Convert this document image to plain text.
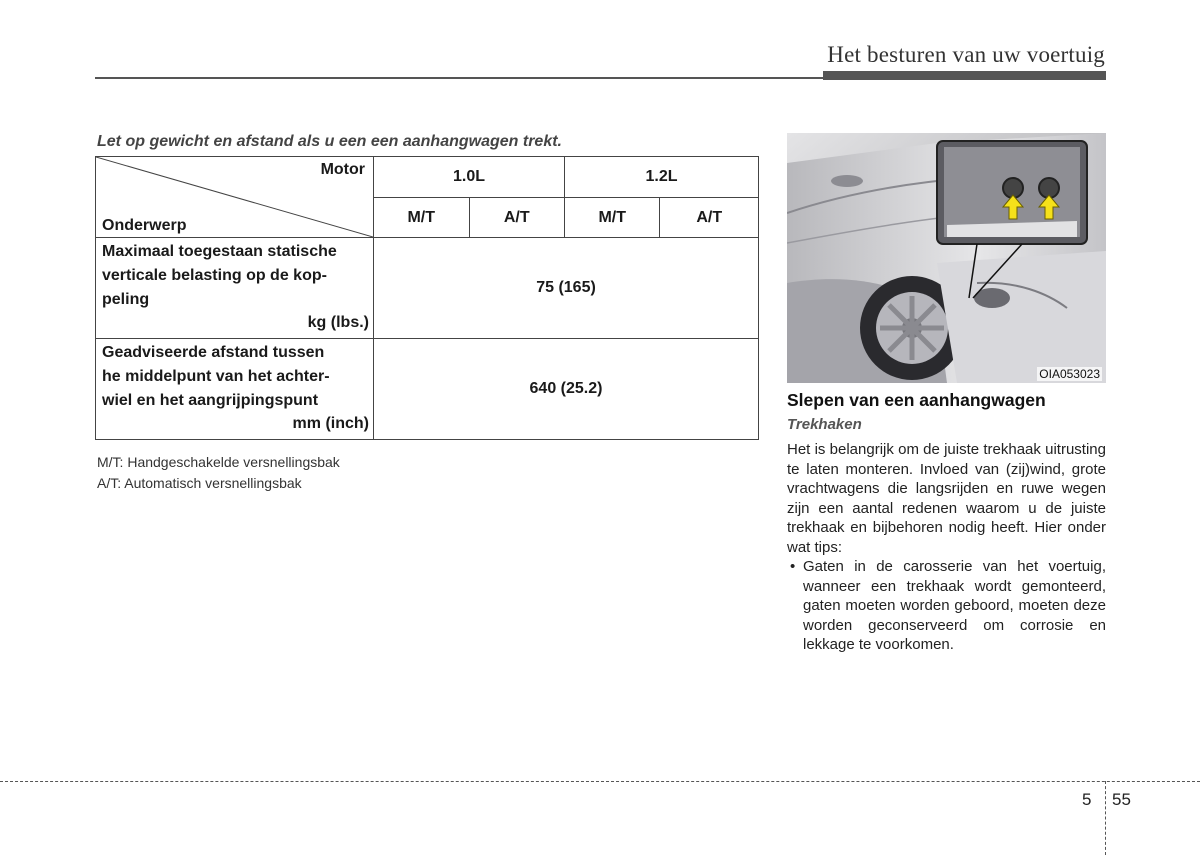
Het besturen van uw voertuig
Let op gewicht en afstand als u een een aanhangwagen trekt.
Motor
Onderwerp	1.0L		1.2L	
	M/T	A/T	M/T	A/T

Maximaal toegestaan statische
verticale belasting op de kop-
peling
kg (lbs.)	75 (165)			

Geadviseerde afstand tussen
he middelpunt van het achter-
wiel en het aangrijpingspunt
mm (inch)	640 (25.2)			
M/T: Handgeschakelde versnellingsbak
A/T: Automatisch versnellingsbak
OIA053023
Slepen van een aanhangwagen
Trekhaken
Het is belangrijk om de juiste trekhaak uitrusting te laten monteren. Invloed van (zij)wind, grote vrachtwagens die langsrijden en ruwe wegen zijn een aantal redenen waarom u de juiste trekhaak en bijbehoren nodig heeft. Hier onder wat tips:
• Gaten in de carosserie van het voertuig, wanneer een trekhaak wordt gemonteerd, gaten moeten worden geboord, moeten deze worden geconserveerd om corrosie en lekkage te voorkomen.
5 55
